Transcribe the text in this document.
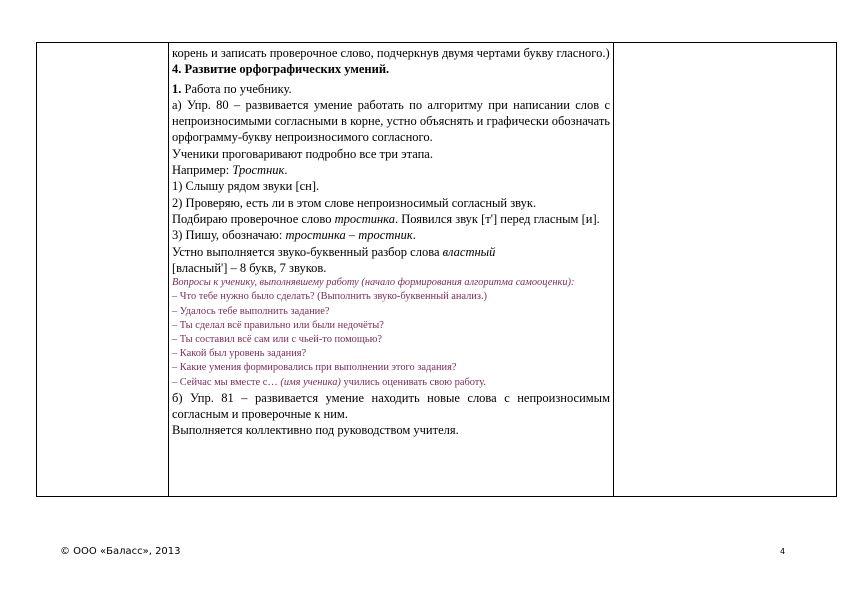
корень и записать проверочное слово, подчеркнув двумя чертами букву гласного.)

4. Развитие орфографических умений.

1. Работа по учебнику.

а) Упр. 80 – развивается умение работать по алгоритму при написании слов с непроизносимыми согласными в корне, устно объяснять и графически обозначать орфограмму-букву непроизносимого согласного.

Ученики проговаривают подробно все три этапа.

Например: Тростник.

1) Слышу рядом звуки [сн].

2) Проверяю, есть ли в этом слове непроизносимый согласный звук.

Подбираю проверочное слово тростинка. Появился звук [т'] перед гласным [и].

3) Пишу, обозначаю: тростинка – тростник.

Устно выполняется звуко-буквенный разбор слова властный

[власный'] – 8 букв, 7 звуков.

Вопросы к ученику, выполнявшему работу (начало формирования алгоритма самооценки):

– Что тебе нужно было сделать? (Выполнить звуко-буквенный анализ.)

– Удалось тебе выполнить задание?

– Ты сделал всё правильно или были недочёты?

– Ты составил всё сам или с чьей-то помощью?

– Какой был уровень задания?

– Какие умения формировались при выполнении этого задания?

– Сейчас мы вместе с… (имя ученика) учились оценивать свою работу.

б) Упр. 81 – развивается умение находить новые слова с непроизносимым согласным и проверочные к ним.

Выполняется коллективно под руководством учителя.

© ООО «Баласс», 2013	4
